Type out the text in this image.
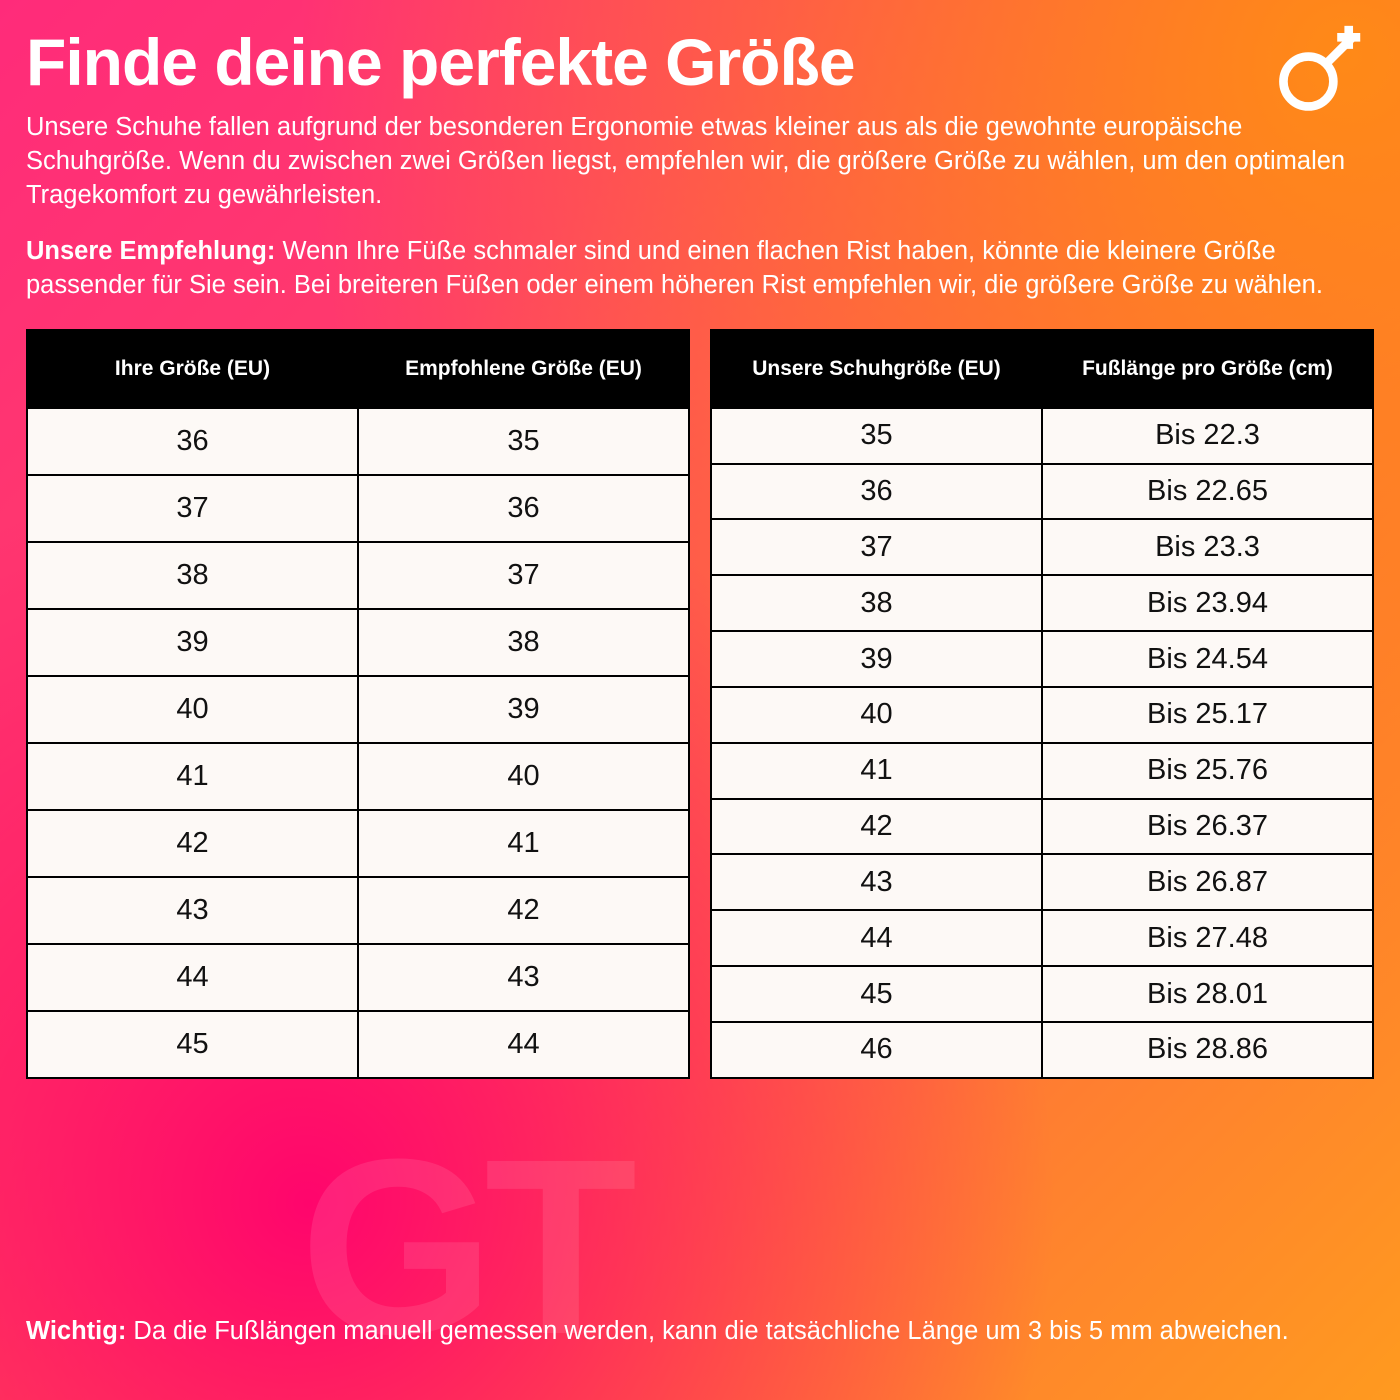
GT
Finde deine perfekte Größe

Unsere Schuhe fallen aufgrund der besonderen Ergonomie etwas kleiner aus als die gewohnte europäische Schuhgröße. Wenn du zwischen zwei Größen liegst, empfehlen wir, die größere Größe zu wählen, um den optimalen Tragekomfort zu gewährleisten.

Unsere Empfehlung: Wenn Ihre Füße schmaler sind und einen flachen Rist haben, könnte die kleinere Größe passender für Sie sein. Bei breiteren Füßen oder einem höheren Rist empfehlen wir, die größere Größe zu wählen.

Ihre Größe (EU)	Empfohlene Größe (EU)
36	35
37	36
38	37
39	38
40	39
41	40
42	41
43	42
44	43
45	44
Unsere Schuhgröße (EU)	Fußlänge pro Größe (cm)
35	Bis 22.3
36	Bis 22.65
37	Bis 23.3
38	Bis 23.94
39	Bis 24.54
40	Bis 25.17
41	Bis 25.76
42	Bis 26.37
43	Bis 26.87
44	Bis 27.48
45	Bis 28.01
46	Bis 28.86

Wichtig: Da die Fußlängen manuell gemessen werden, kann die tatsächliche Länge um 3 bis 5 mm abweichen.
